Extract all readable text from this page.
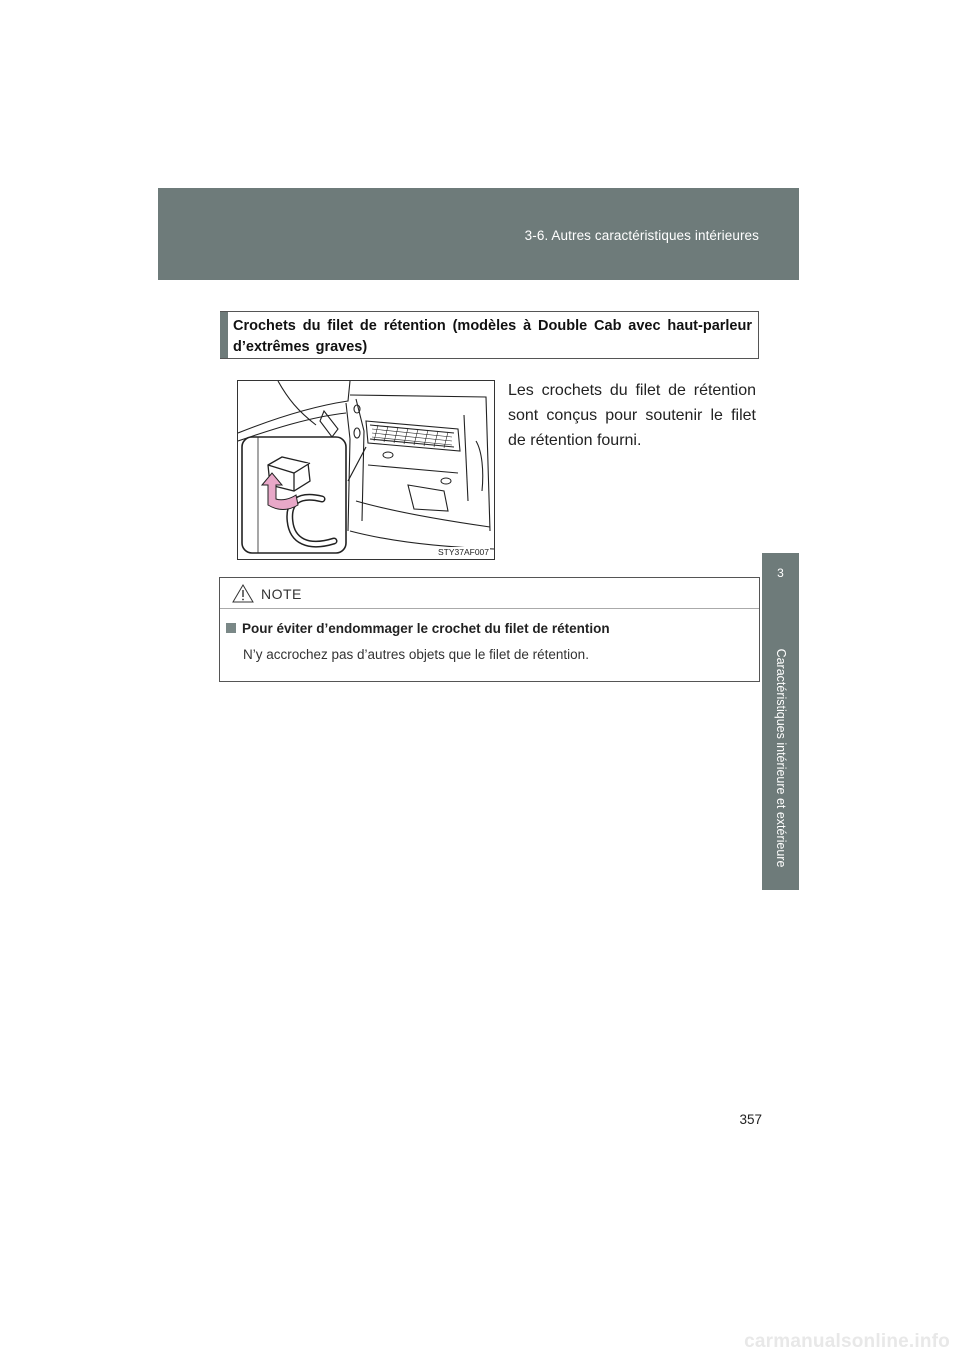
3-6. Autres caractéristiques intérieures
3
Caractéristiques intérieure et extérieure
Crochets du filet de rétention (modèles à Double Cab avec haut-parleur d’extrêmes graves)
STY37AF007
Les crochets du filet de rétention sont conçus pour soutenir le filet de rétention fourni.
NOTE
Pour éviter d’endommager le crochet du filet de rétention
N’y accrochez pas d’autres objets que le filet de rétention.
357
carmanualsonline.info
